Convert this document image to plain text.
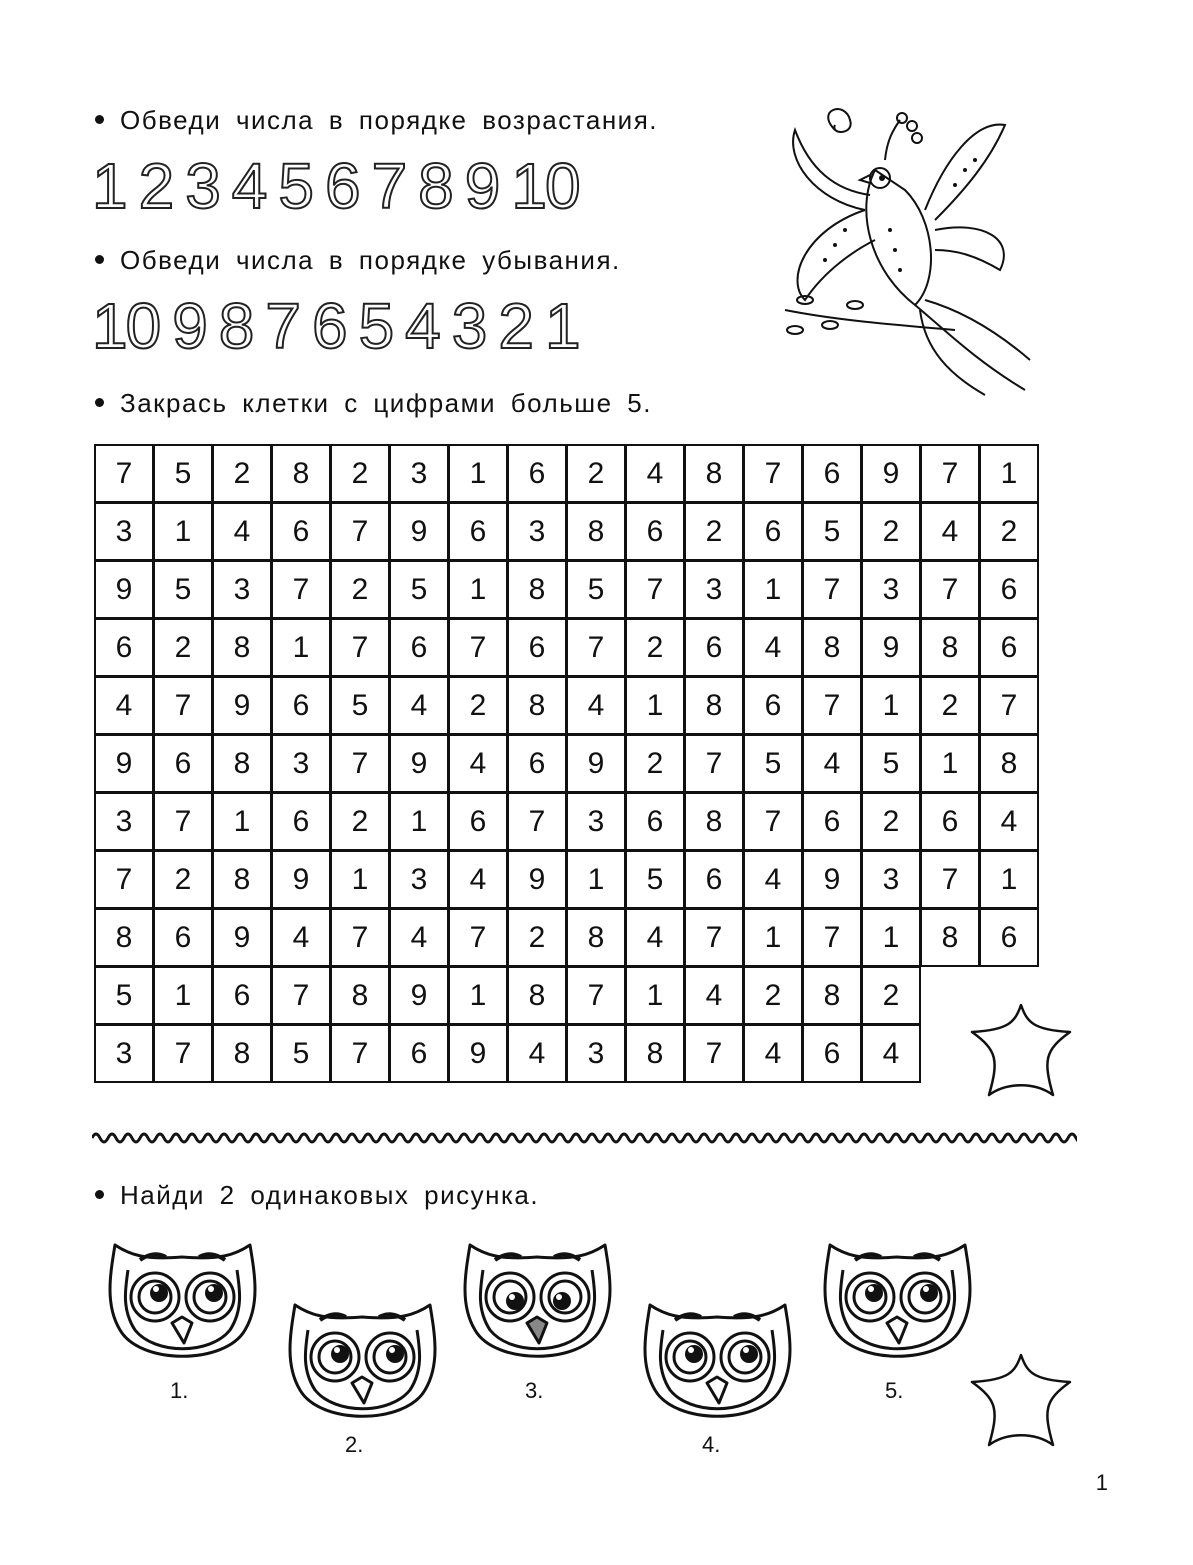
Обведи числа в порядке возрастания.
1 2 3 4 5 6 7 8 9 10
Обведи числа в порядке убывания.
10 9 8 7 6 5 4 3 2 1
Закрась клетки с цифрами больше 5.
7	5	2	8	2	3	1	6	2	4	8	7	6	9	7	1
3	1	4	6	7	9	6	3	8	6	2	6	5	2	4	2
9	5	3	7	2	5	1	8	5	7	3	1	7	3	7	6
6	2	8	1	7	6	7	6	7	2	6	4	8	9	8	6
4	7	9	6	5	4	2	8	4	1	8	6	7	1	2	7
9	6	8	3	7	9	4	6	9	2	7	5	4	5	1	8
3	7	1	6	2	1	6	7	3	6	8	7	6	2	6	4
7	2	8	9	1	3	4	9	1	5	6	4	9	3	7	1
8	6	9	4	7	4	7	2	8	4	7	1	7	1	8	6
5	1	6	7	8	9	1	8	7	1	4	2	8	2
3	7	8	5	7	6	9	4	3	8	7	4	6	4
Найди 2 одинаковых рисунка.
1.
2.
3.
4.
5.
1
